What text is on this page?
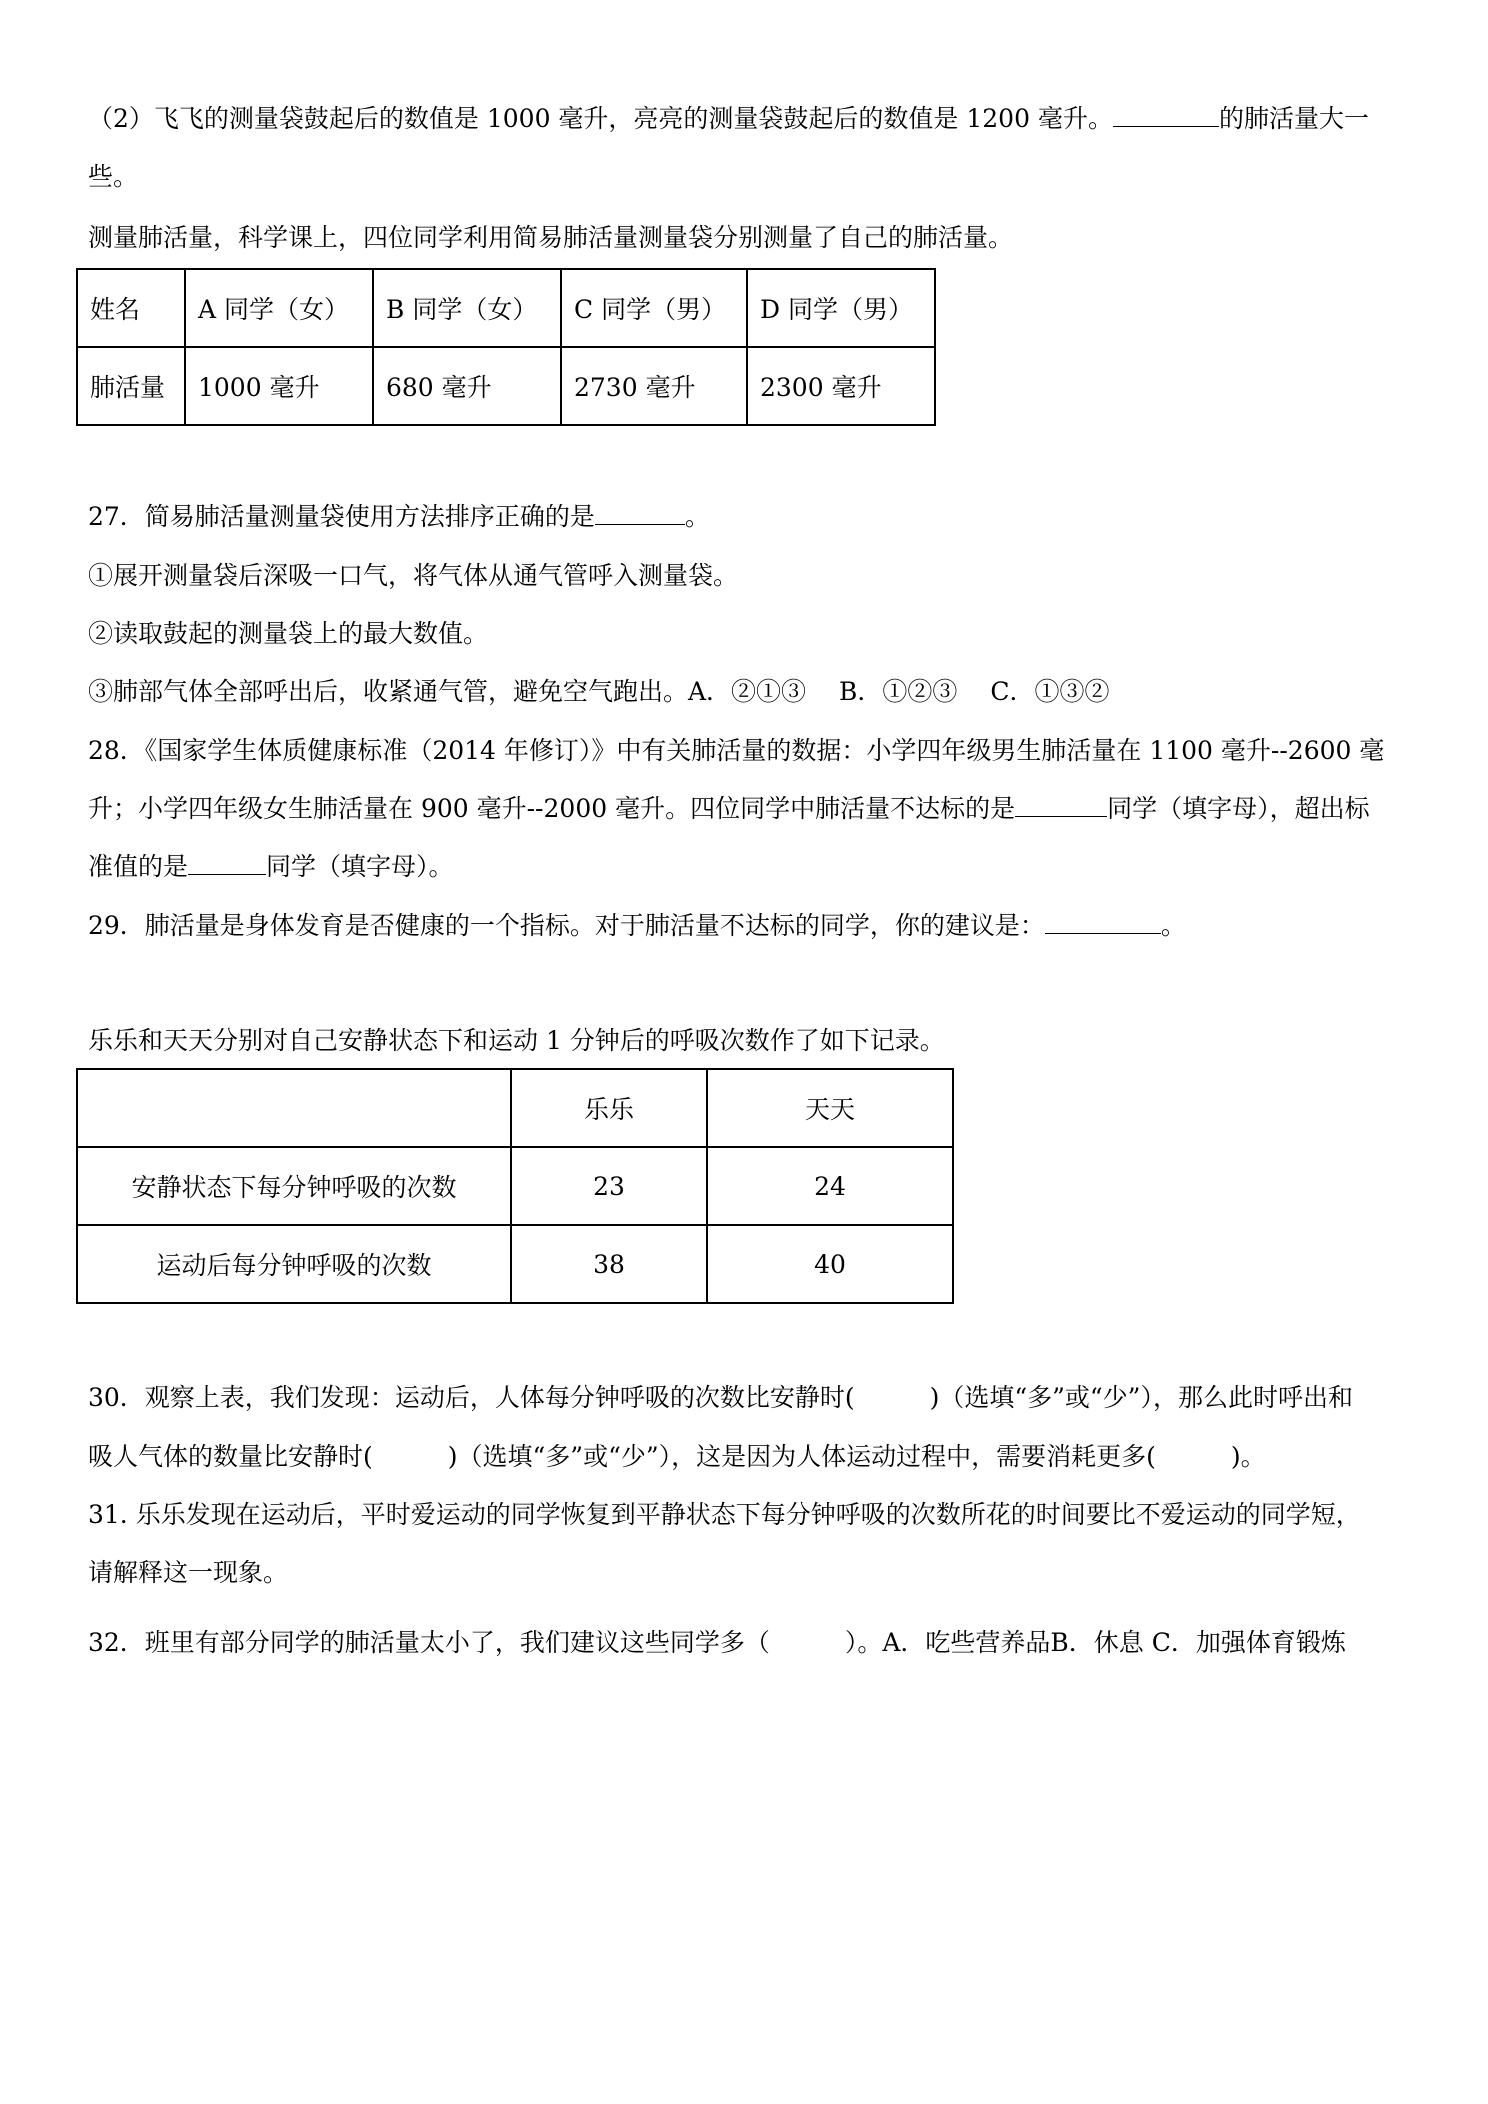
（2）飞飞的测量袋鼓起后的数值是 1000 毫升，亮亮的测量袋鼓起后的数值是 1200 毫升。	的肺活量大一

些。

测量肺活量，科学课上，四位同学利用简易肺活量测量袋分别测量了自己的肺活量。

姓名	A 同学（女）	B 同学（女）	C 同学（男）	D 同学（男）
肺活量	1000 毫升	680 毫升	2730 毫升	2300 毫升

27．简易肺活量测量袋使用方法排序正确的是	。

①展开测量袋后深吸一口气，将气体从通气管呼入测量袋。

②读取鼓起的测量袋上的最大数值。

③肺部气体全部呼出后，收紧通气管，避免空气跑出。A．②①③　 B．①②③　 C．①③②

28．《国家学生体质健康标准（2014 年修订）》中有关肺活量的数据：小学四年级男生肺活量在 1100 毫升--2600 毫

升；小学四年级女生肺活量在 900 毫升--2000 毫升。四位同学中肺活量不达标的是	同学（填字母），超出标

准值的是	同学（填字母）。

29．肺活量是身体发育是否健康的一个指标。对于肺活量不达标的同学，你的建议是：	。

乐乐和天天分别对自己安静状态下和运动 1 分钟后的呼吸次数作了如下记录。

	乐乐	天天
安静状态下每分钟呼吸的次数	23	24
运动后每分钟呼吸的次数	38	40

30．观察上表，我们发现：运动后，人体每分钟呼吸的次数比安静时(　　　)（选填“多”或“少”），那么此时呼出和

吸人气体的数量比安静时(　　　)（选填“多”或“少”），这是因为人体运动过程中，需要消耗更多(　　　)。

31. 乐乐发现在运动后，平时爱运动的同学恢复到平静状态下每分钟呼吸的次数所花的时间要比不爱运动的同学短，

请解释这一现象。

32．班里有部分同学的肺活量太小了，我们建议这些同学多（　　　）。A．吃些营养品B．休息 C．加强体育锻炼
